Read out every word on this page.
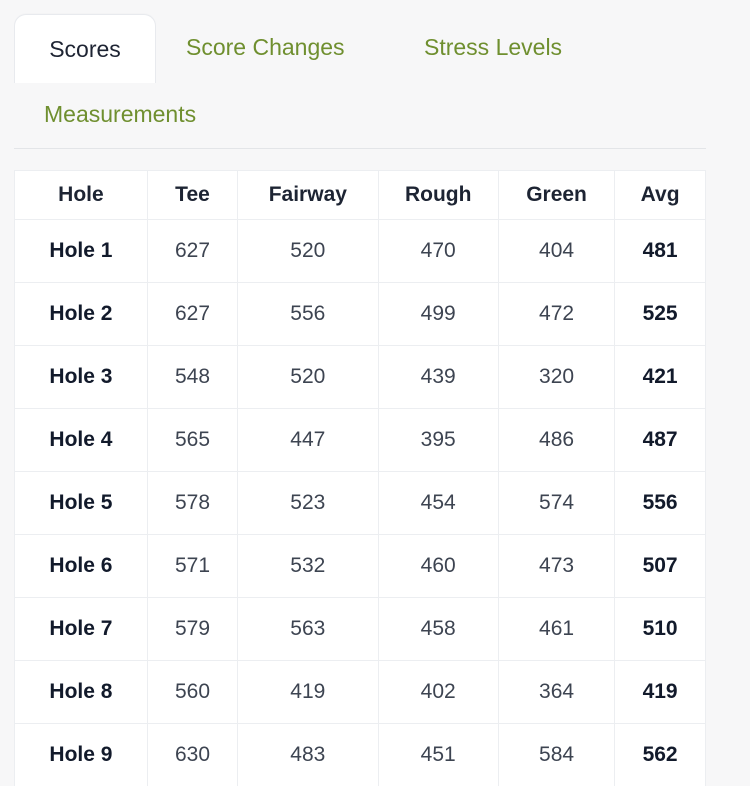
Scores	Score Changes	Stress Levels
Measurements
Hole	Tee	Fairway	Rough	Green	Avg
Hole 1	627	520	470	404	481
Hole 2	627	556	499	472	525
Hole 3	548	520	439	320	421
Hole 4	565	447	395	486	487
Hole 5	578	523	454	574	556
Hole 6	571	532	460	473	507
Hole 7	579	563	458	461	510
Hole 8	560	419	402	364	419
Hole 9	630	483	451	584	562
